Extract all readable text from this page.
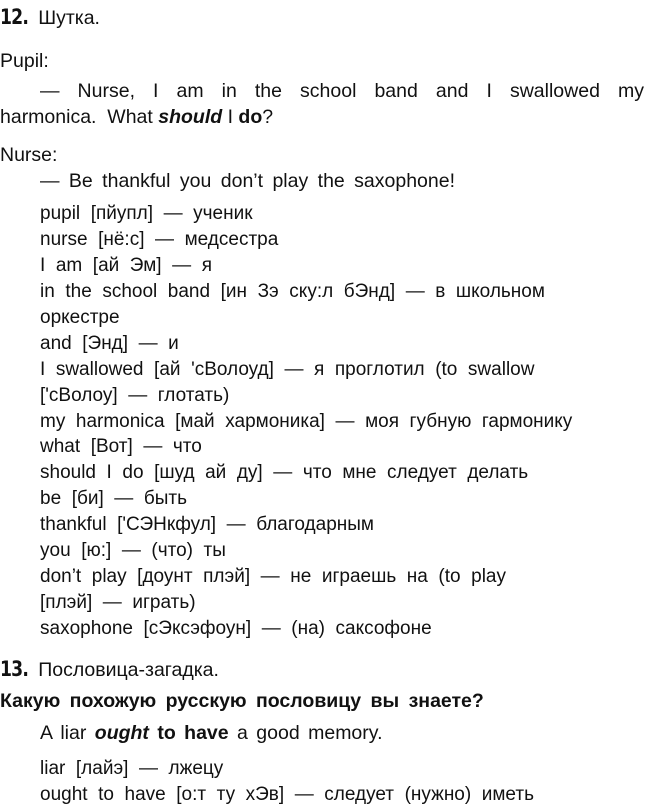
12. Шутка.
Pupil:
— Nurse, I am in the school band and I swallowed my
harmonica.  What should I do?
Nurse:
— Be thankful you don’t play the saxophone!
pupil  [пйупл]  —  ученик
nurse  [нё:с]  —  медсестра
I  am  [ай  Эм]  —  я
in  the  school  band  [ин  Зэ  ску:л  бЭнд]  —  в  школьном
оркестре
and  [Энд]  —  и
I  swallowed  [ай  'сВолоуд]  —  я  проглотил  (to  swallow
['сВолоу]  —  глотать)
my  harmonica  [май  хармоника]  —  моя  губную  гармонику
what  [Вот]  —  что
should  I  do  [шуд  ай  ду]  —  что  мне  следует  делать
be  [би]  —  быть
thankful  ['СЭНкфул]  —  благодарным
you  [ю:]  —  (что)  ты
don’t  play  [доунт  плэй]  —  не  играешь  на  (to  play
[плэй]  —  играть)
saxophone  [сЭксэфоун]  —  (на)  саксофоне
13. Пословица-загадка.
Какую похожую русскую пословицу вы знаете?
A liar ought to have a good memory.
liar  [лайэ]  —  лжецу
ought  to  have  [о:т  ту  хЭв]  —  следует  (нужно)  иметь
